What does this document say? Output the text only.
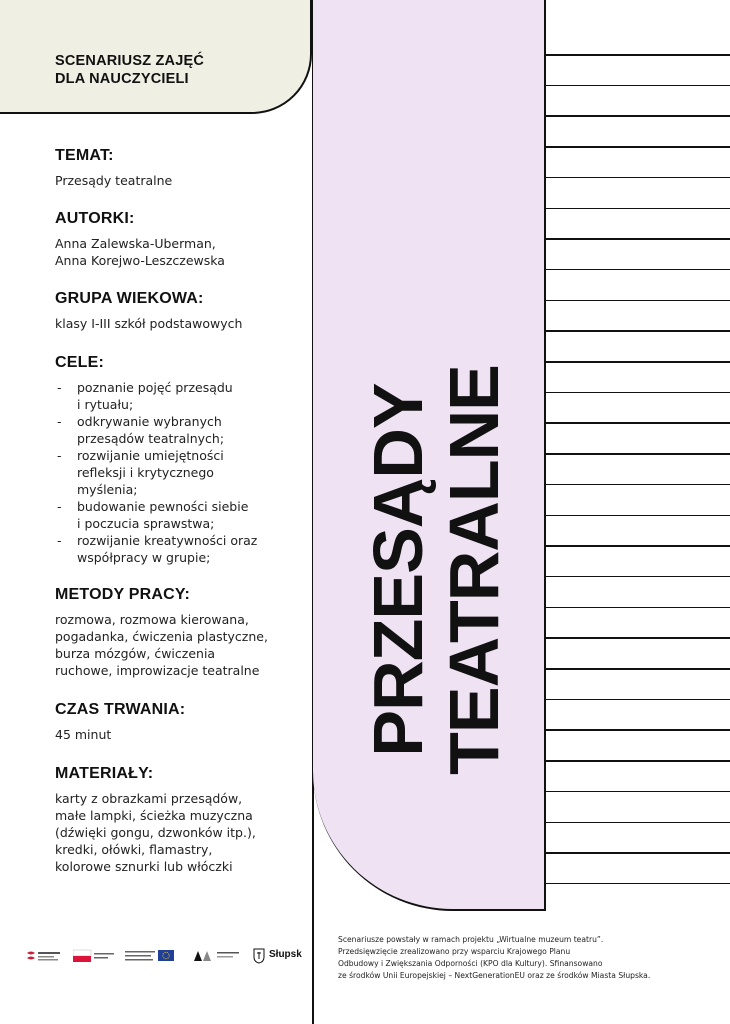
SCENARIUSZ ZAJĘĆ
DLA NAUCZYCIELI
PRZESĄDY
TEATRALNE

TEMAT:

Przesądy teatralne

AUTORKI:

Anna Zalewska-Uberman,

Anna Korejwo-Leszczewska

GRUPA WIEKOWA:

klasy I-III szkół podstawowych

CELE:

- poznanie pojęć przesądu
i rytuału;
- odkrywanie wybranych
przesądów teatralnych;
- rozwijanie umiejętności
refleksji i krytycznego
myślenia;
- budowanie pewności siebie
i poczucia sprawstwa;
- rozwijanie kreatywności oraz
współpracy w grupie;

METODY PRACY:

rozmowa, rozmowa kierowana,

pogadanka, ćwiczenia plastyczne,

burza mózgów, ćwiczenia

ruchowe, improwizacje teatralne

CZAS TRWANIA:

45 minut

MATERIAŁY:

karty z obrazkami przesądów,

małe lampki, ścieżka muzyczna

(dźwięki gongu, dzwonków itp.),

kredki, ołówki, flamastry,

kolorowe sznurki lub włóczki

Słupsk
Scenariusze powstały w ramach projektu „Wirtualne muzeum teatru”.
Przedsięwzięcie zrealizowano przy wsparciu Krajowego Planu
Odbudowy i Zwiększania Odporności (KPO dla Kultury). Sfinansowano
ze środków Unii Europejskiej – NextGenerationEU oraz ze środków Miasta Słupska.
